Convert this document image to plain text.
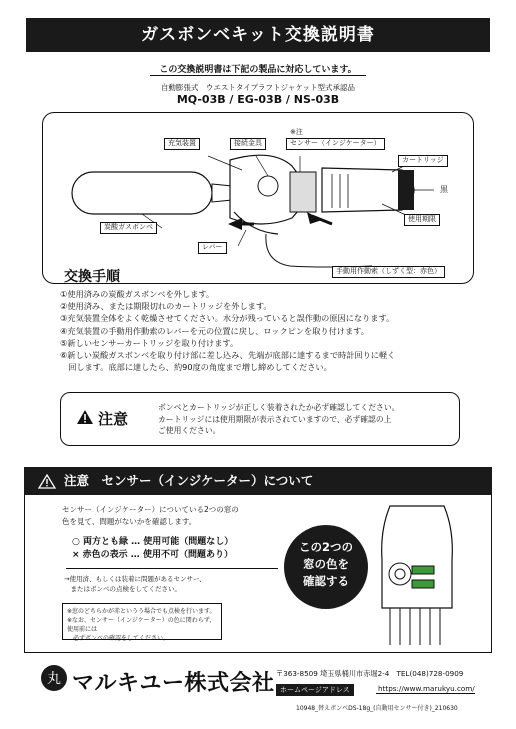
ガスボンベキット交換説明書
この交換説明書は下記の製品に対応しています。
自動膨張式　ウエストタイプラフトジャケット型式承認品
MQ-03B / EG-03B / NS-03B
※注
充気装置	接続金具	センサー（インジケーター）
カートリッジ
黒
使用期限
炭酸ガスボンベ
レバー
手動用作動索（しずく型：赤色）
交換手順
①使用済みの炭酸ガスボンベを外します。
②使用済み、または期限切れのカートリッジを外します。
③充気装置全体をよく乾燥させてください。水分が残っていると誤作動の原因になります。
④充気装置の手動用作動索のレバーを元の位置に戻し、ロックピンを取り付けます。
⑤新しいセンサーカートリッジを取り付けます。
⑥新しい炭酸ガスボンベを取り付け部に差し込み、先端が底部に達するまで時計回りに軽く
　回します。底部に達したら、約90度の角度まで増し締めしてください。
注意
ボンベとカートリッジが正しく装着されたか必ず確認してください。
カートリッジには使用期限が表示されていますので、必ず確認の上
ご使用ください。
注意　センサー（インジケーター）について
センサー（インジケーター）についている2つの窓の
色を見て、問題がないかを確認します。
○ 両方とも緑 … 使用可能（問題なし）
× 赤色の表示 … 使用不可（問題あり）
→使用済、もしくは装着に問題があるセンサー、
　またはボンベの点検をしてください。
※窓のどちらかが赤というう場合でも点検を行います。
※なお、センサー（インジケーター）の色に関わらず、使用前には
　必ずボンベの確認をしてください。
この2つの
窓の色を
確認する
丸 マルキユー株式会社 〒363-8509 埼玉県桶川市赤堀2-4　TEL(048)728-0909
ホームページアドレス	https://www.marukyu.com/
10948_替えボンベDS-18g_(自動用センサー付き)_210630
